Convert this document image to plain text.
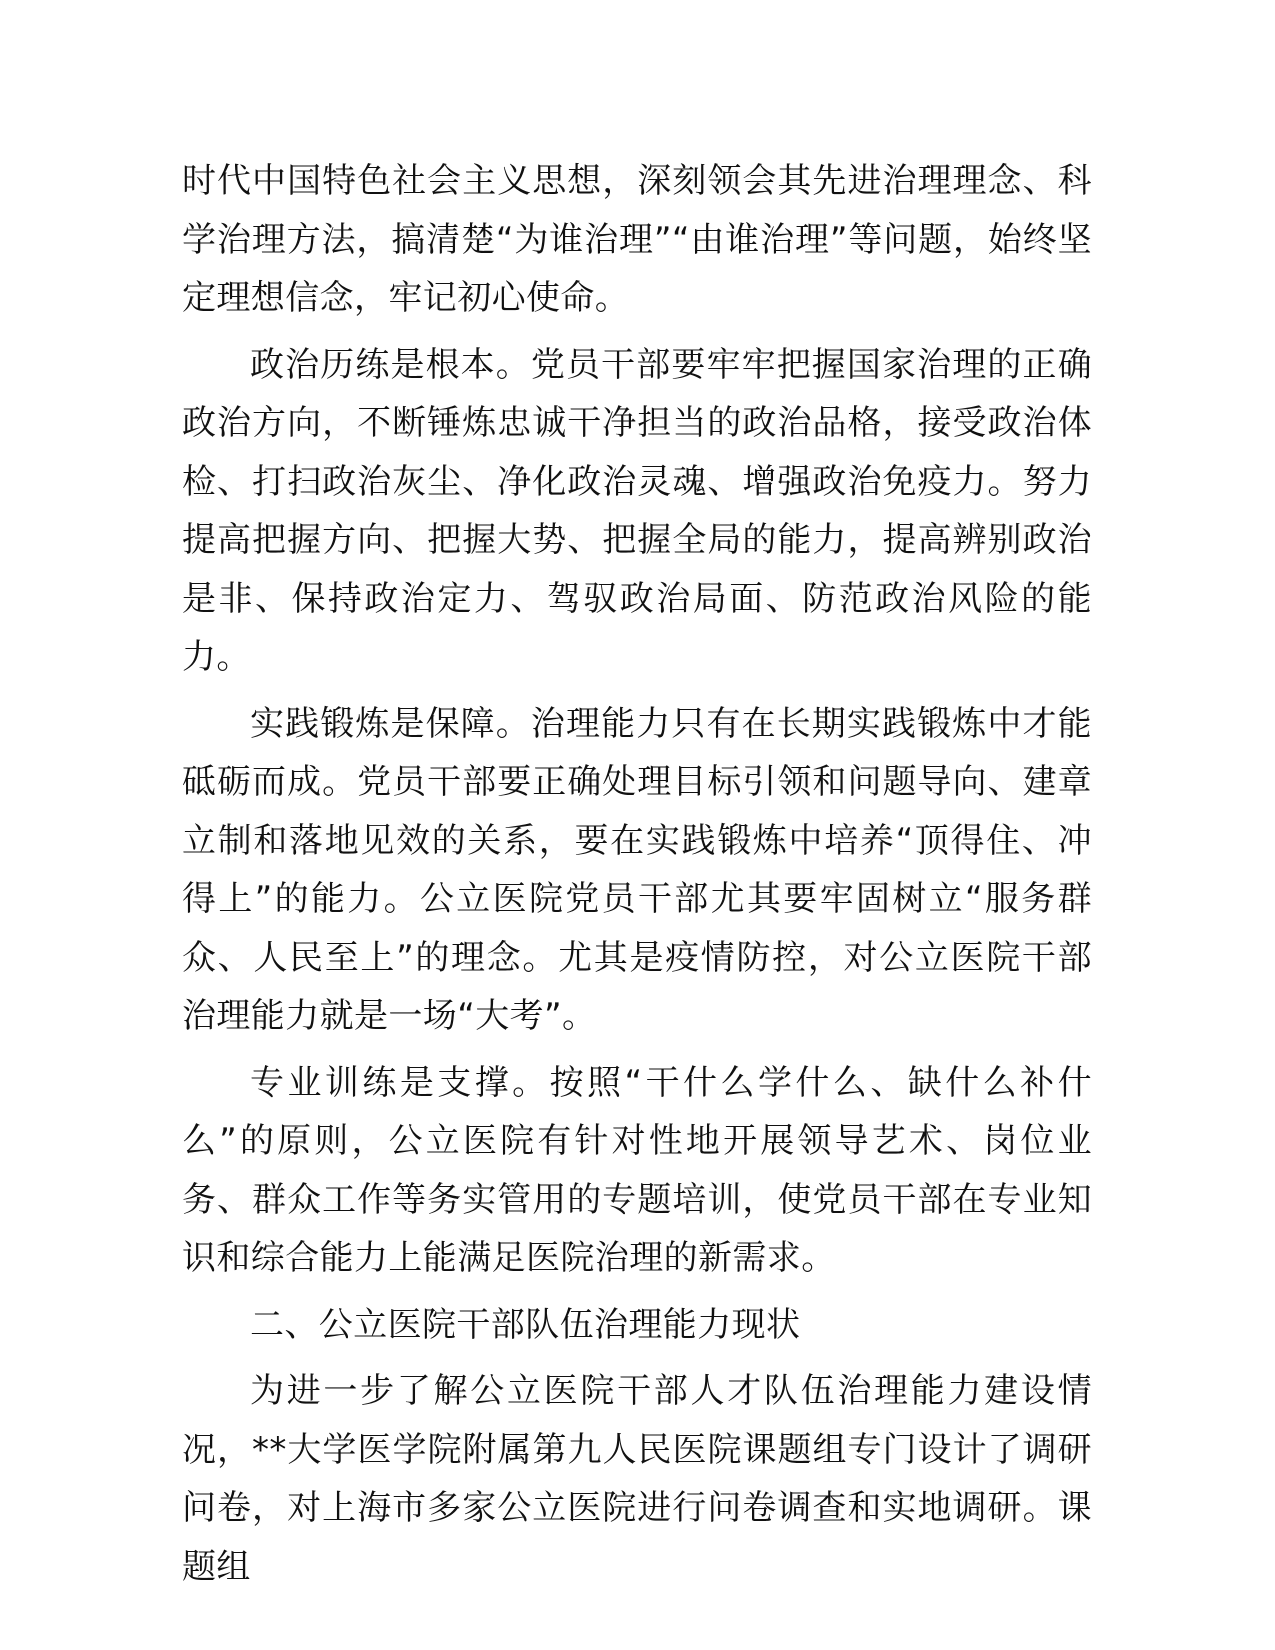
时代中国特色社会主义思想，深刻领会其先进治理理念、科学治理方法，搞清楚“为谁治理”“由谁治理”等问题，始终坚定理想信念，牢记初心使命。

政治历练是根本。党员干部要牢牢把握国家治理的正确政治方向，不断锤炼忠诚干净担当的政治品格，接受政治体检、打扫政治灰尘、净化政治灵魂、增强政治免疫力。努力提高把握方向、把握大势、把握全局的能力，提高辨别政治是非、保持政治定力、驾驭政治局面、防范政治风险的能力。

实践锻炼是保障。治理能力只有在长期实践锻炼中才能砥砺而成。党员干部要正确处理目标引领和问题导向、建章立制和落地见效的关系，要在实践锻炼中培养“顶得住、冲得上”的能力。公立医院党员干部尤其要牢固树立“服务群众、人民至上”的理念。尤其是疫情防控，对公立医院干部治理能力就是一场“大考”。

专业训练是支撑。按照“干什么学什么、缺什么补什么”的原则，公立医院有针对性地开展领导艺术、岗位业务、群众工作等务实管用的专题培训，使党员干部在专业知识和综合能力上能满足医院治理的新需求。

二、公立医院干部队伍治理能力现状

为进一步了解公立医院干部人才队伍治理能力建设情况，**大学医学院附属第九人民医院课题组专门设计了调研问卷，对上海市多家公立医院进行问卷调查和实地调研。课题组
